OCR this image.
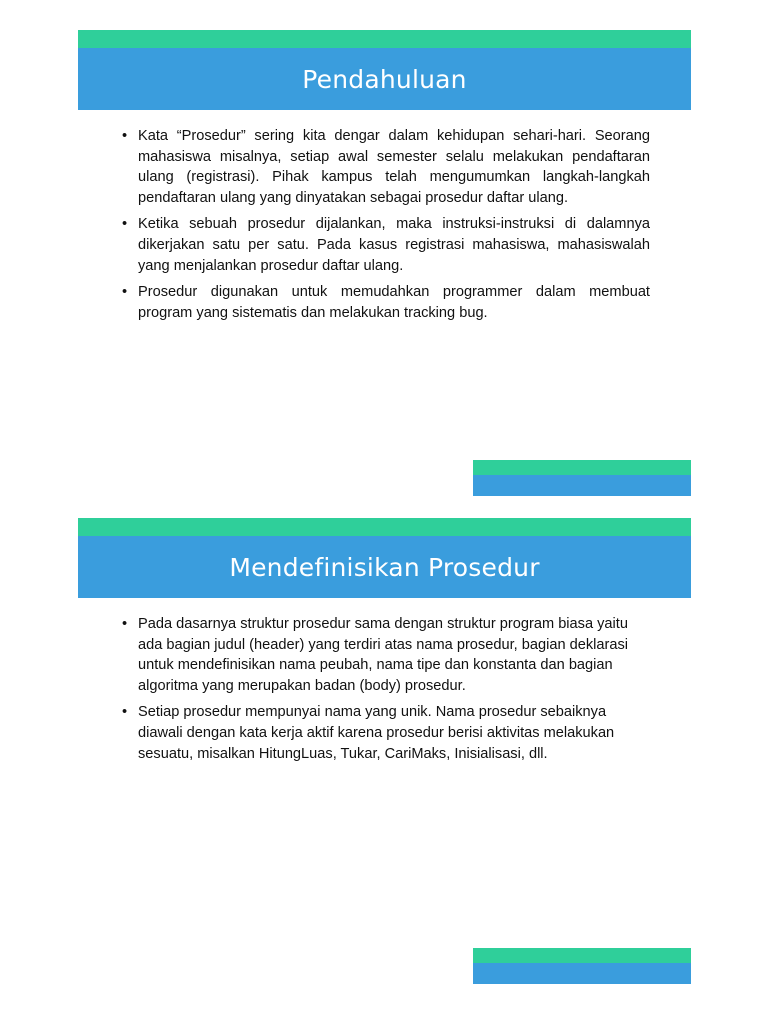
Pendahuluan
• Kata “Prosedur” sering kita dengar dalam kehidupan sehari-hari. Seorang mahasiswa misalnya, setiap awal semester selalu melakukan pendaftaran ulang (registrasi). Pihak kampus telah mengumumkan langkah-langkah pendaftaran ulang yang dinyatakan sebagai prosedur daftar ulang.
• Ketika sebuah prosedur dijalankan, maka instruksi-instruksi di dalamnya dikerjakan satu per satu. Pada kasus registrasi mahasiswa, mahasiswalah yang menjalankan prosedur daftar ulang.
• Prosedur digunakan untuk memudahkan programmer dalam membuat program yang sistematis dan melakukan tracking bug.
Mendefinisikan Prosedur
• Pada dasarnya struktur prosedur sama dengan struktur program biasa yaitu ada bagian judul (header) yang terdiri atas nama prosedur, bagian deklarasi untuk mendefinisikan nama peubah, nama tipe dan konstanta dan bagian algoritma yang merupakan badan (body) prosedur.
• Setiap prosedur mempunyai nama yang unik. Nama prosedur sebaiknya diawali dengan kata kerja aktif karena prosedur berisi aktivitas melakukan sesuatu, misalkan HitungLuas, Tukar, CariMaks, Inisialisasi, dll.
